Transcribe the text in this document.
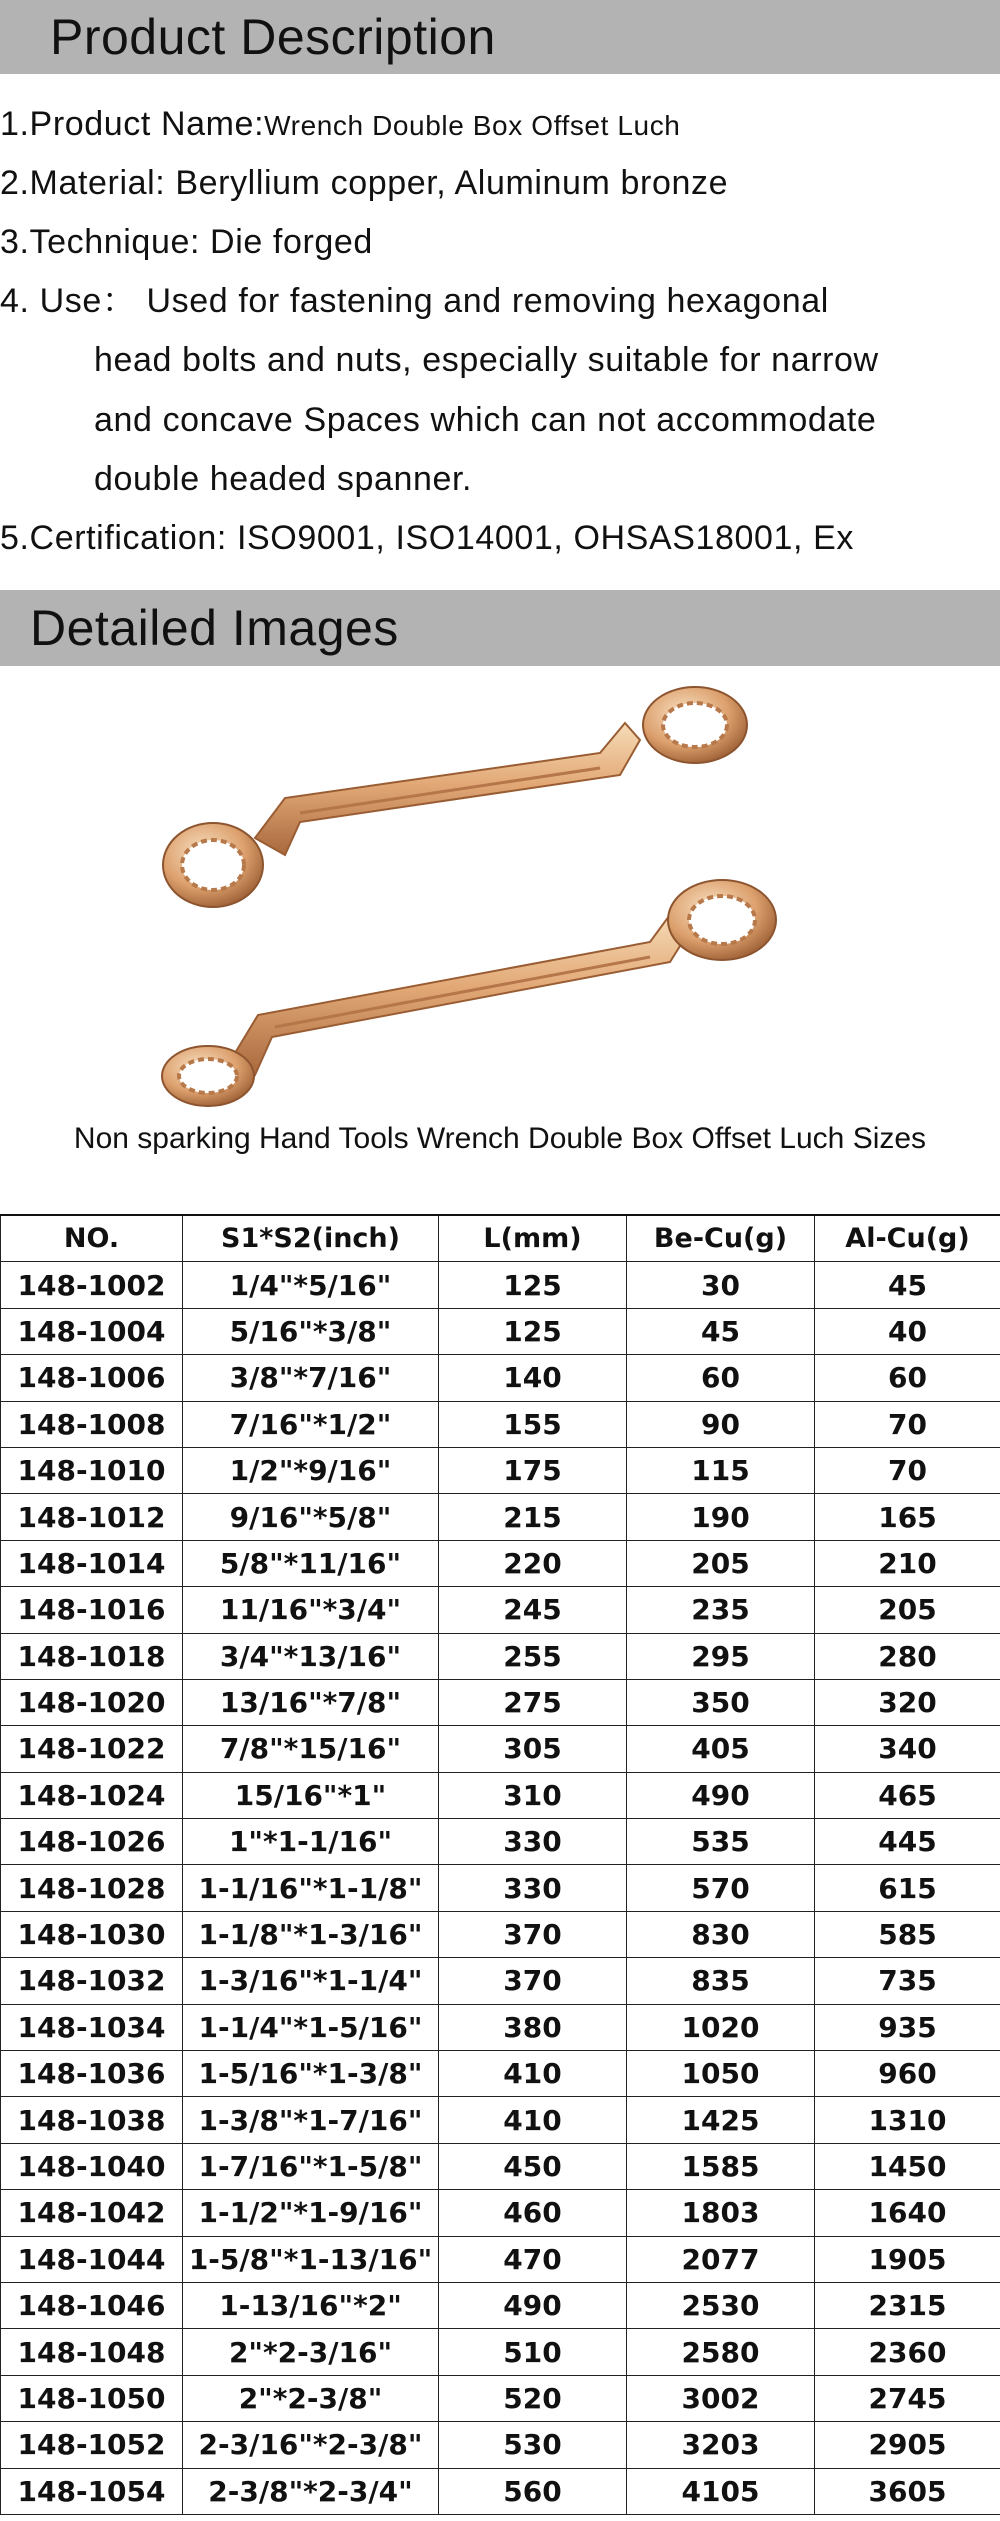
Product Description
1.Product Name:Wrench Double Box Offset Luch
2.Material: Beryllium copper, Aluminum bronze
3.Technique: Die forged
4. Use： Used for fastening and removing hexagonal
head bolts and nuts, especially suitable for narrow
and concave Spaces which can not accommodate
double headed spanner.
5.Certification: ISO9001, ISO14001, OHSAS18001, Ex
Detailed Images
Non sparking Hand Tools Wrench Double Box Offset Luch Sizes
NO.	S1*S2(inch)	L(mm)	Be-Cu(g)	Al-Cu(g)
148-1002	1/4"*5/16"	125	30	45
148-1004	5/16"*3/8"	125	45	40
148-1006	3/8"*7/16"	140	60	60
148-1008	7/16"*1/2"	155	90	70
148-1010	1/2"*9/16"	175	115	70
148-1012	9/16"*5/8"	215	190	165
148-1014	5/8"*11/16"	220	205	210
148-1016	11/16"*3/4"	245	235	205
148-1018	3/4"*13/16"	255	295	280
148-1020	13/16"*7/8"	275	350	320
148-1022	7/8"*15/16"	305	405	340
148-1024	15/16"*1"	310	490	465
148-1026	1"*1-1/16"	330	535	445
148-1028	1-1/16"*1-1/8"	330	570	615
148-1030	1-1/8"*1-3/16"	370	830	585
148-1032	1-3/16"*1-1/4"	370	835	735
148-1034	1-1/4"*1-5/16"	380	1020	935
148-1036	1-5/16"*1-3/8"	410	1050	960
148-1038	1-3/8"*1-7/16"	410	1425	1310
148-1040	1-7/16"*1-5/8"	450	1585	1450
148-1042	1-1/2"*1-9/16"	460	1803	1640
148-1044	1-5/8"*1-13/16"	470	2077	1905
148-1046	1-13/16"*2"	490	2530	2315
148-1048	2"*2-3/16"	510	2580	2360
148-1050	2"*2-3/8"	520	3002	2745
148-1052	2-3/16"*2-3/8"	530	3203	2905
148-1054	2-3/8"*2-3/4"	560	4105	3605
